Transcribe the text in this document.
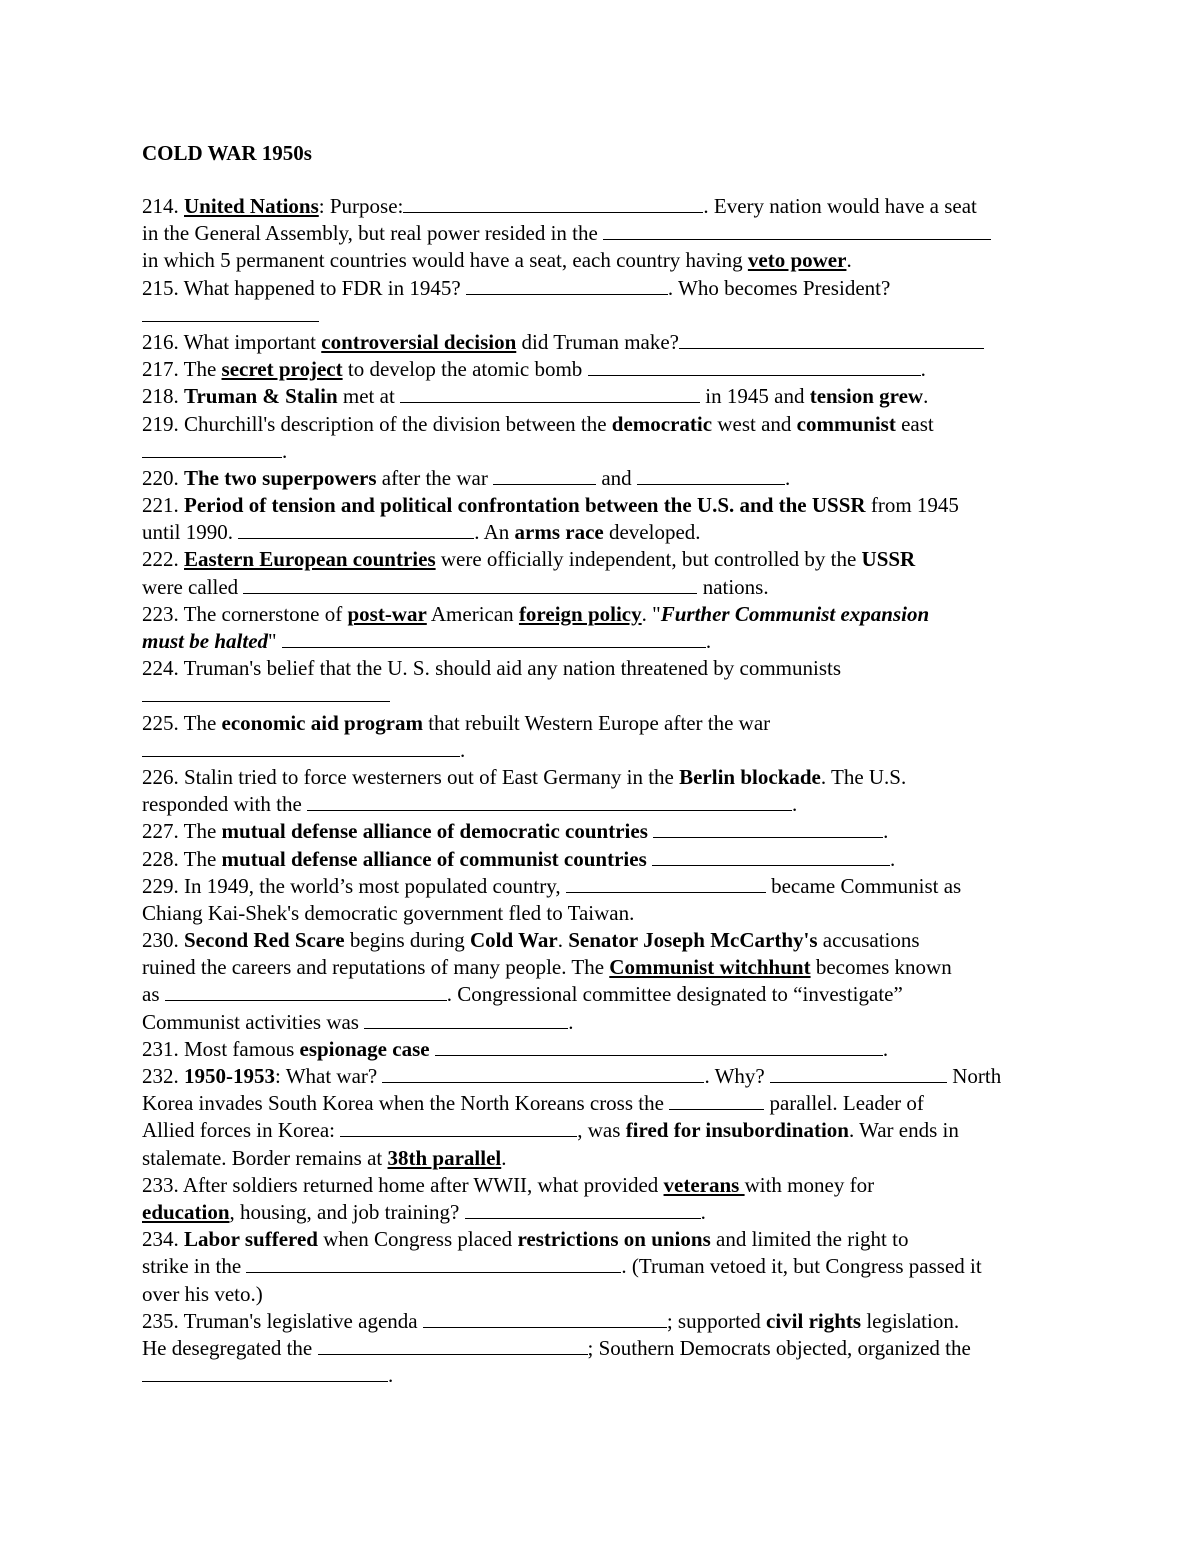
COLD WAR 1950s
214. United Nations: Purpose:	. Every nation would have a seat
in the General Assembly, but real power resided in the
in which 5 permanent countries would have a seat, each country having veto power.
215. What happened to FDR in 1945?	. Who becomes President?
216. What important controversial decision did Truman make?
217. The secret project to develop the atomic bomb	.
218. Truman & Stalin met at	in 1945 and tension grew.
219. Churchill's description of the division between the democratic west and communist east
.
220. The two superpowers after the war	and	.
221. Period of tension and political confrontation between the U.S. and the USSR from 1945
until 1990.	. An arms race developed.
222. Eastern European countries were officially independent, but controlled by the USSR
were called	nations.
223. The cornerstone of post-war American foreign policy. "Further Communist expansion
must be halted"	.
224. Truman's belief that the U. S. should aid any nation threatened by communists
225. The economic aid program that rebuilt Western Europe after the war
.
226. Stalin tried to force westerners out of East Germany in the Berlin blockade. The U.S.
responded with the	.
227. The mutual defense alliance of democratic countries	.
228. The mutual defense alliance of communist countries	.
229. In 1949, the world’s most populated country,	became Communist as
Chiang Kai-Shek's democratic government fled to Taiwan.
230. Second Red Scare begins during Cold War. Senator Joseph McCarthy's accusations
ruined the careers and reputations of many people. The Communist witchhunt becomes known
as	. Congressional committee designated to “investigate”
Communist activities was	.
231. Most famous espionage case	.
232. 1950-1953: What war?	. Why?	North
Korea invades South Korea when the North Koreans cross the	parallel. Leader of
Allied forces in Korea:	, was fired for insubordination. War ends in
stalemate. Border remains at 38th parallel.
233. After soldiers returned home after WWII, what provided veterans with money for
education, housing, and job training?	.
234. Labor suffered when Congress placed restrictions on unions and limited the right to
strike in the	. (Truman vetoed it, but Congress passed it
over his veto.)
235. Truman's legislative agenda	; supported civil rights legislation.
He desegregated the	; Southern Democrats objected, organized the
.
